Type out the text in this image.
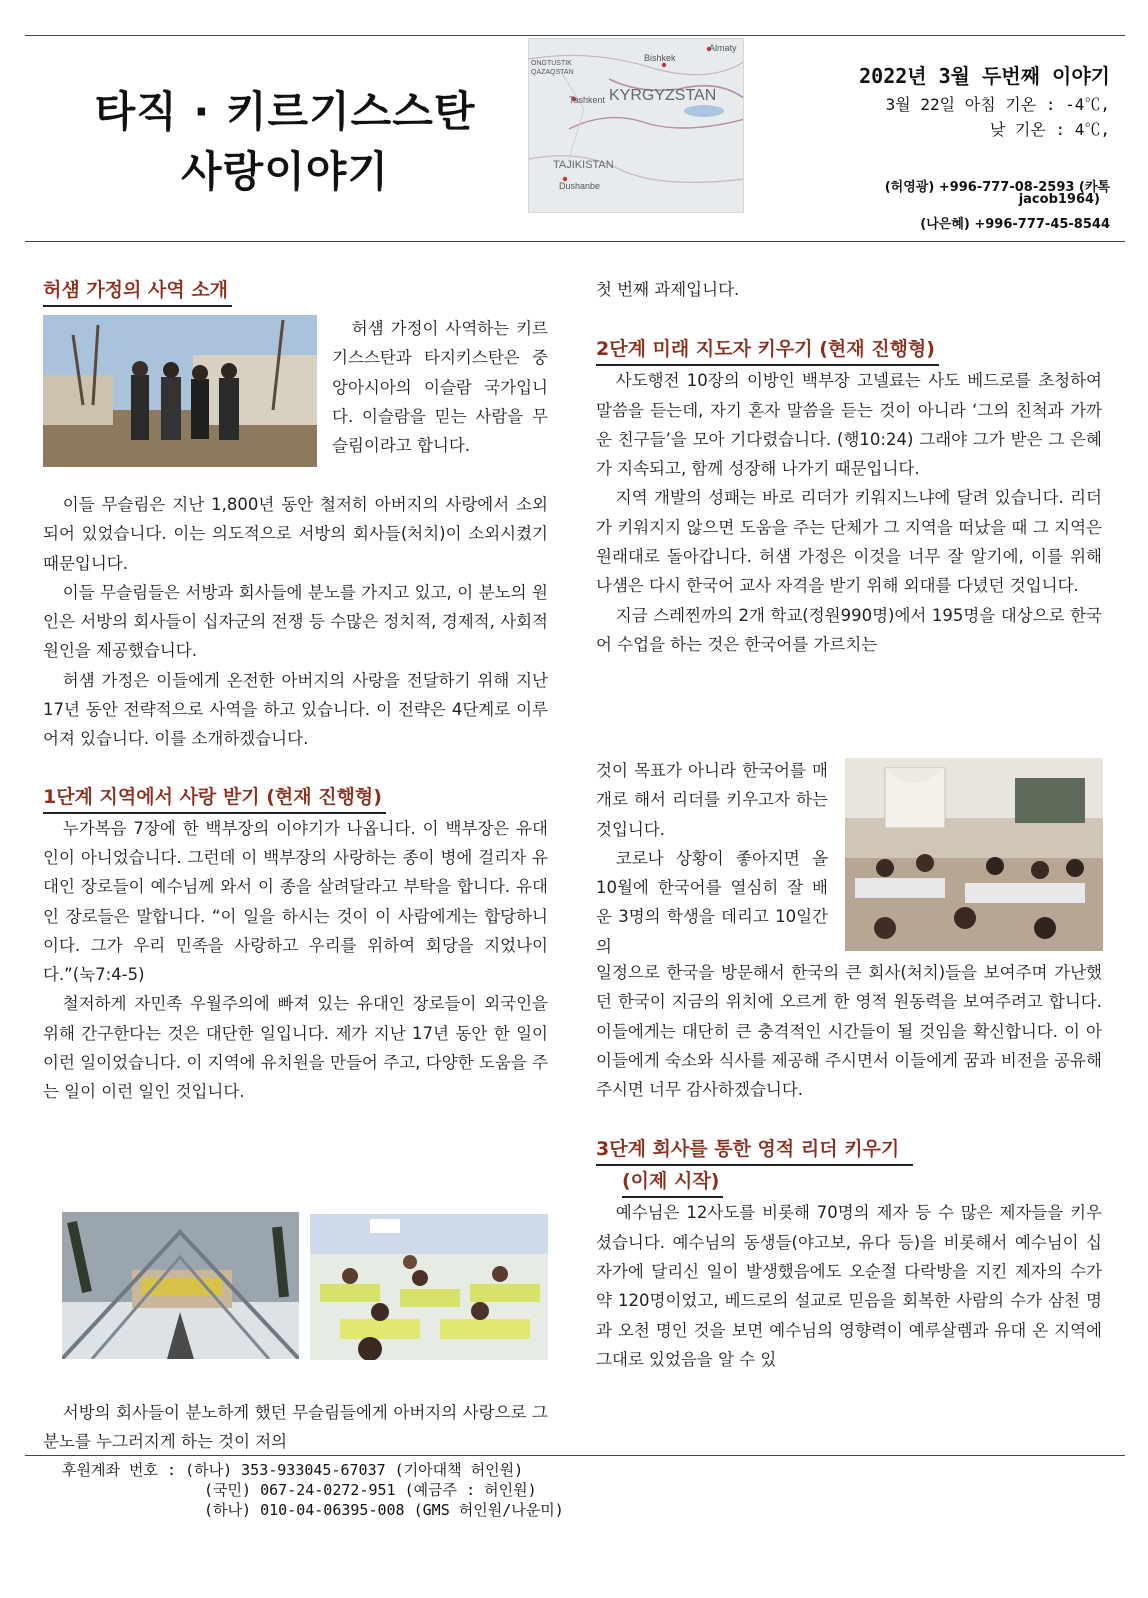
타직 · 키르기스스탄
사랑이야기
Almaty
Bishkek
ONGTUSTIK QAZAQSTAN
Tashkent KYRGYZSTAN
TAJIKISTAN
Dushanbe
2022년 3월 두번째 이야기
3월 22일 아침 기온 : -4℃,
낮 기온 : 4℃,
(허영광) +996-777-08-2593 (카톡
jacob1964)
(나은혜) +996-777-45-8544
허섐 가정의 사역 소개

허섐 가정이 사역하는 키르기스스탄과 타지키스탄은 중앙아시아의 이슬람 국가입니다. 이슬람을 믿는 사람을 무슬림이라고 합니다.

이들 무슬림은 지난 1,800년 동안 철저히 아버지의 사랑에서 소외되어 있었습니다. 이는 의도적으로 서방의 회사들(처치)이 소외시켰기 때문입니다.

이들 무슬림들은 서방과 회사들에 분노를 가지고 있고, 이 분노의 원인은 서방의 회사들이 십자군의 전쟁 등 수많은 정치적, 경제적, 사회적 원인을 제공했습니다.

허섐 가정은 이들에게 온전한 아버지의 사랑을 전달하기 위해 지난 17년 동안 전략적으로 사역을 하고 있습니다. 이 전략은 4단계로 이루어져 있습니다. 이를 소개하겠습니다.

1단계 지역에서 사랑 받기 (현재 진행형)

누가복음 7장에 한 백부장의 이야기가 나옵니다. 이 백부장은 유대인이 아니었습니다. 그런데 이 백부장의 사랑하는 종이 병에 걸리자 유대인 장로들이 예수님께 와서 이 종을 살려달라고 부탁을 합니다. 유대인 장로들은 말합니다. “이 일을 하시는 것이 이 사람에게는 합당하니이다. 그가 우리 민족을 사랑하고 우리를 위하여 회당을 지었나이다.”(눅7:4-5)

철저하게 자민족 우월주의에 빠져 있는 유대인 장로들이 외국인을 위해 간구한다는 것은 대단한 일입니다. 제가 지난 17년 동안 한 일이 이런 일이었습니다. 이 지역에 유치원을 만들어 주고, 다양한 도움을 주는 일이 이런 일인 것입니다.

서방의 회사들이 분노하게 했던 무슬림들에게 아버지의 사랑으로 그 분노를 누그러지게 하는 것이 저의

첫 번째 과제입니다.

2단계 미래 지도자 키우기 (현재 진행형)

사도행전 10장의 이방인 백부장 고넬료는 사도 베드로를 초청하여 말씀을 듣는데, 자기 혼자 말씀을 듣는 것이 아니라 ‘그의 친척과 가까운 친구들’을 모아 기다렸습니다. (행10:24) 그래야 그가 받은 그 은혜가 지속되고, 함께 성장해 나가기 때문입니다.

지역 개발의 성패는 바로 리더가 키워지느냐에 달려 있습니다. 리더가 키워지지 않으면 도움을 주는 단체가 그 지역을 떠났을 때 그 지역은 원래대로 돌아갑니다. 허섐 가정은 이것을 너무 잘 알기에, 이를 위해 나섐은 다시 한국어 교사 자격을 받기 위해 외대를 다녔던 것입니다.

지금 스레찐까의 2개 학교(정원990명)에서 195명을 대상으로 한국어 수업을 하는 것은 한국어를 가르치는

것이 목표가 아니라 한국어를 매개로 해서 리더를 키우고자 하는 것입니다.

코로나 상황이 좋아지면 올 10월에 한국어를 열심히 잘 배운 3명의 학생을 데리고 10일간의

일정으로 한국을 방문해서 한국의 큰 회사(처치)들을 보여주며 가난했던 한국이 지금의 위치에 오르게 한 영적 원동력을 보여주려고 합니다. 이들에게는 대단히 큰 충격적인 시간들이 될 것임을 확신합니다. 이 아이들에게 숙소와 식사를 제공해 주시면서 이들에게 꿈과 비전을 공유해 주시면 너무 감사하겠습니다.

3단계 회사를 통한 영적 리더 키우기
(이제 시작)

예수님은 12사도를 비롯해 70명의 제자 등 수 많은 제자들을 키우셨습니다. 예수님의 동생들(야고보, 유다 등)을 비롯해서 예수님이 십자가에 달리신 일이 발생했음에도 오순절 다락방을 지킨 제자의 수가 약 120명이었고, 베드로의 설교로 믿음을 회복한 사람의 수가 삼천 명과 오천 명인 것을 보면 예수님의 영향력이 예루살렘과 유대 온 지역에 그대로 있었음을 알 수 있

후원계좌 번호 : (하나) 353-933045-67037 (기아대책 허인원)
(국민) 067-24-0272-951 (예금주 : 허인원)
(하나) 010-04-06395-008 (GMS 허인원/나운미)
